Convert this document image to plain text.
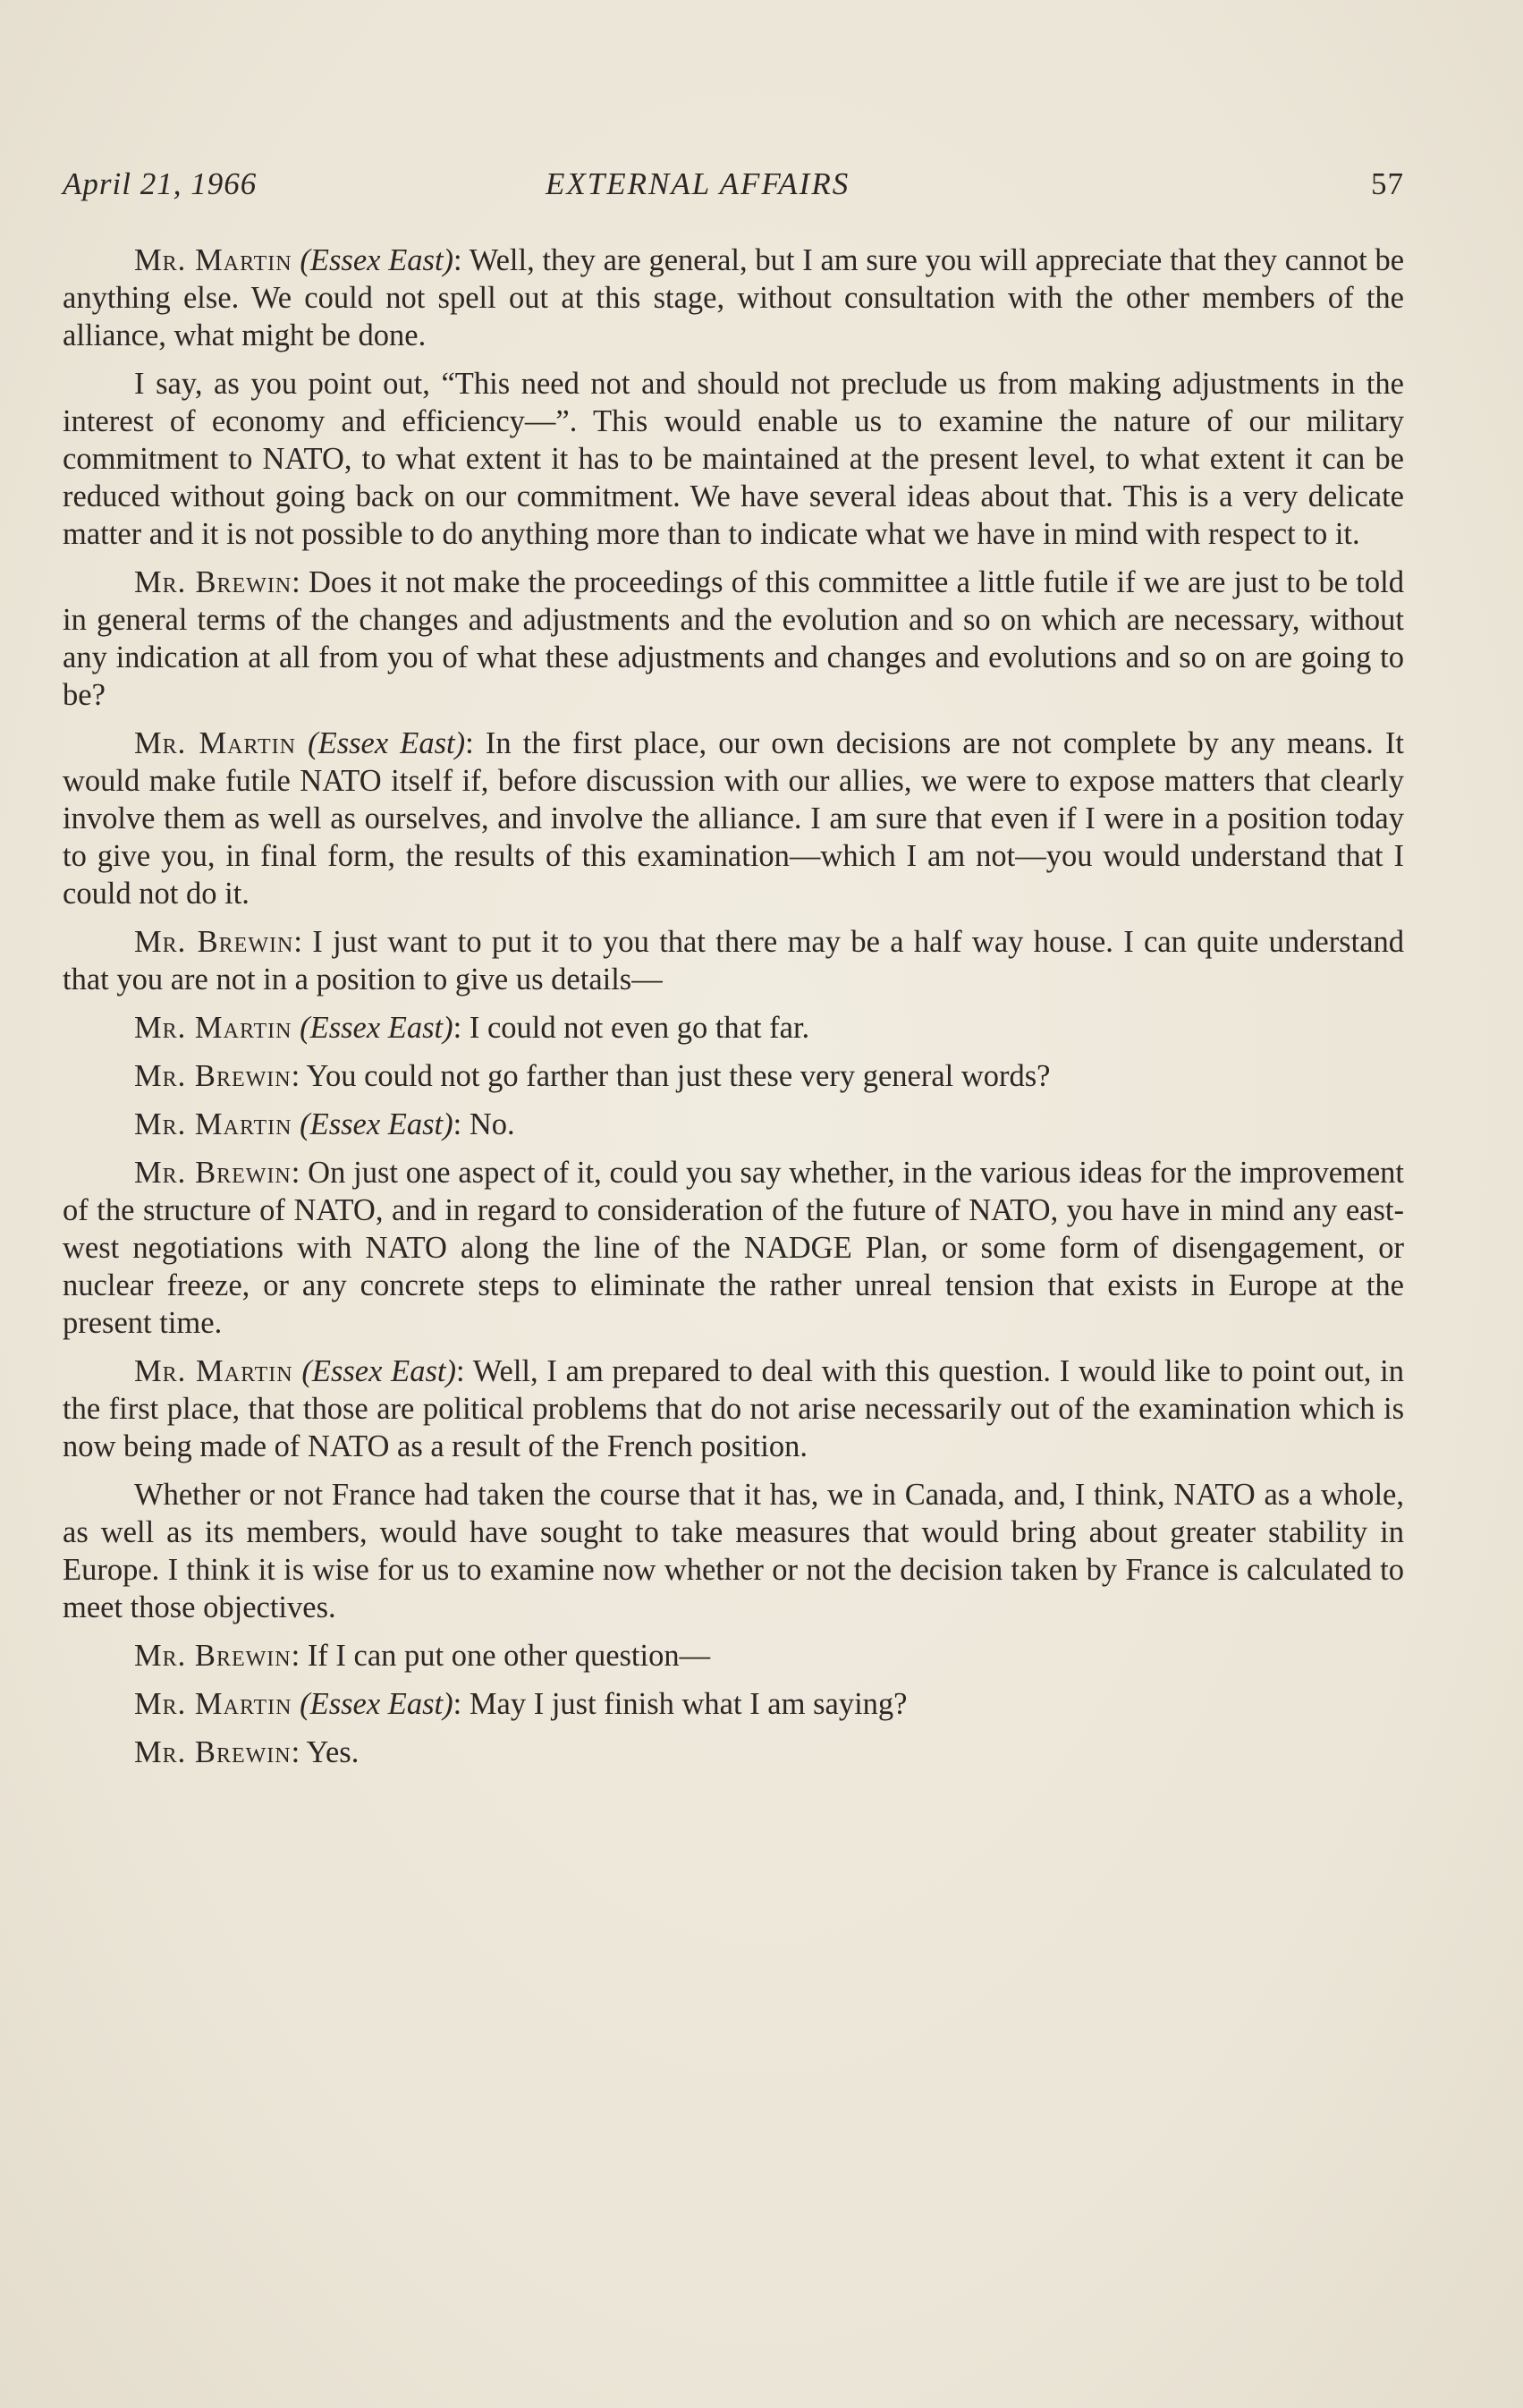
April 21, 1966	EXTERNAL AFFAIRS	57

Mr. Martin (Essex East): Well, they are general, but I am sure you will appreciate that they cannot be anything else. We could not spell out at this stage, without consultation with the other members of the alliance, what might be done.

I say, as you point out, “This need not and should not preclude us from making adjustments in the interest of economy and efficiency—”. This would enable us to examine the nature of our military commitment to NATO, to what extent it has to be maintained at the present level, to what extent it can be reduced without going back on our commitment. We have several ideas about that. This is a very delicate matter and it is not possible to do anything more than to indicate what we have in mind with respect to it.

Mr. Brewin: Does it not make the proceedings of this committee a little futile if we are just to be told in general terms of the changes and adjustments and the evolution and so on which are necessary, without any indication at all from you of what these adjustments and changes and evolutions and so on are going to be?

Mr. Martin (Essex East): In the first place, our own decisions are not complete by any means. It would make futile NATO itself if, before discussion with our allies, we were to expose matters that clearly involve them as well as ourselves, and involve the alliance. I am sure that even if I were in a position today to give you, in final form, the results of this examination—which I am not—you would understand that I could not do it.

Mr. Brewin: I just want to put it to you that there may be a half way house. I can quite understand that you are not in a position to give us details—

Mr. Martin (Essex East): I could not even go that far.

Mr. Brewin: You could not go farther than just these very general words?

Mr. Martin (Essex East): No.

Mr. Brewin: On just one aspect of it, could you say whether, in the various ideas for the improvement of the structure of NATO, and in regard to consideration of the future of NATO, you have in mind any east-west negotiations with NATO along the line of the NADGE Plan, or some form of disengagement, or nuclear freeze, or any concrete steps to eliminate the rather unreal tension that exists in Europe at the present time.

Mr. Martin (Essex East): Well, I am prepared to deal with this question. I would like to point out, in the first place, that those are political problems that do not arise necessarily out of the examination which is now being made of NATO as a result of the French position.

Whether or not France had taken the course that it has, we in Canada, and, I think, NATO as a whole, as well as its members, would have sought to take measures that would bring about greater stability in Europe. I think it is wise for us to examine now whether or not the decision taken by France is calculated to meet those objectives.

Mr. Brewin: If I can put one other question—

Mr. Martin (Essex East): May I just finish what I am saying?

Mr. Brewin: Yes.
